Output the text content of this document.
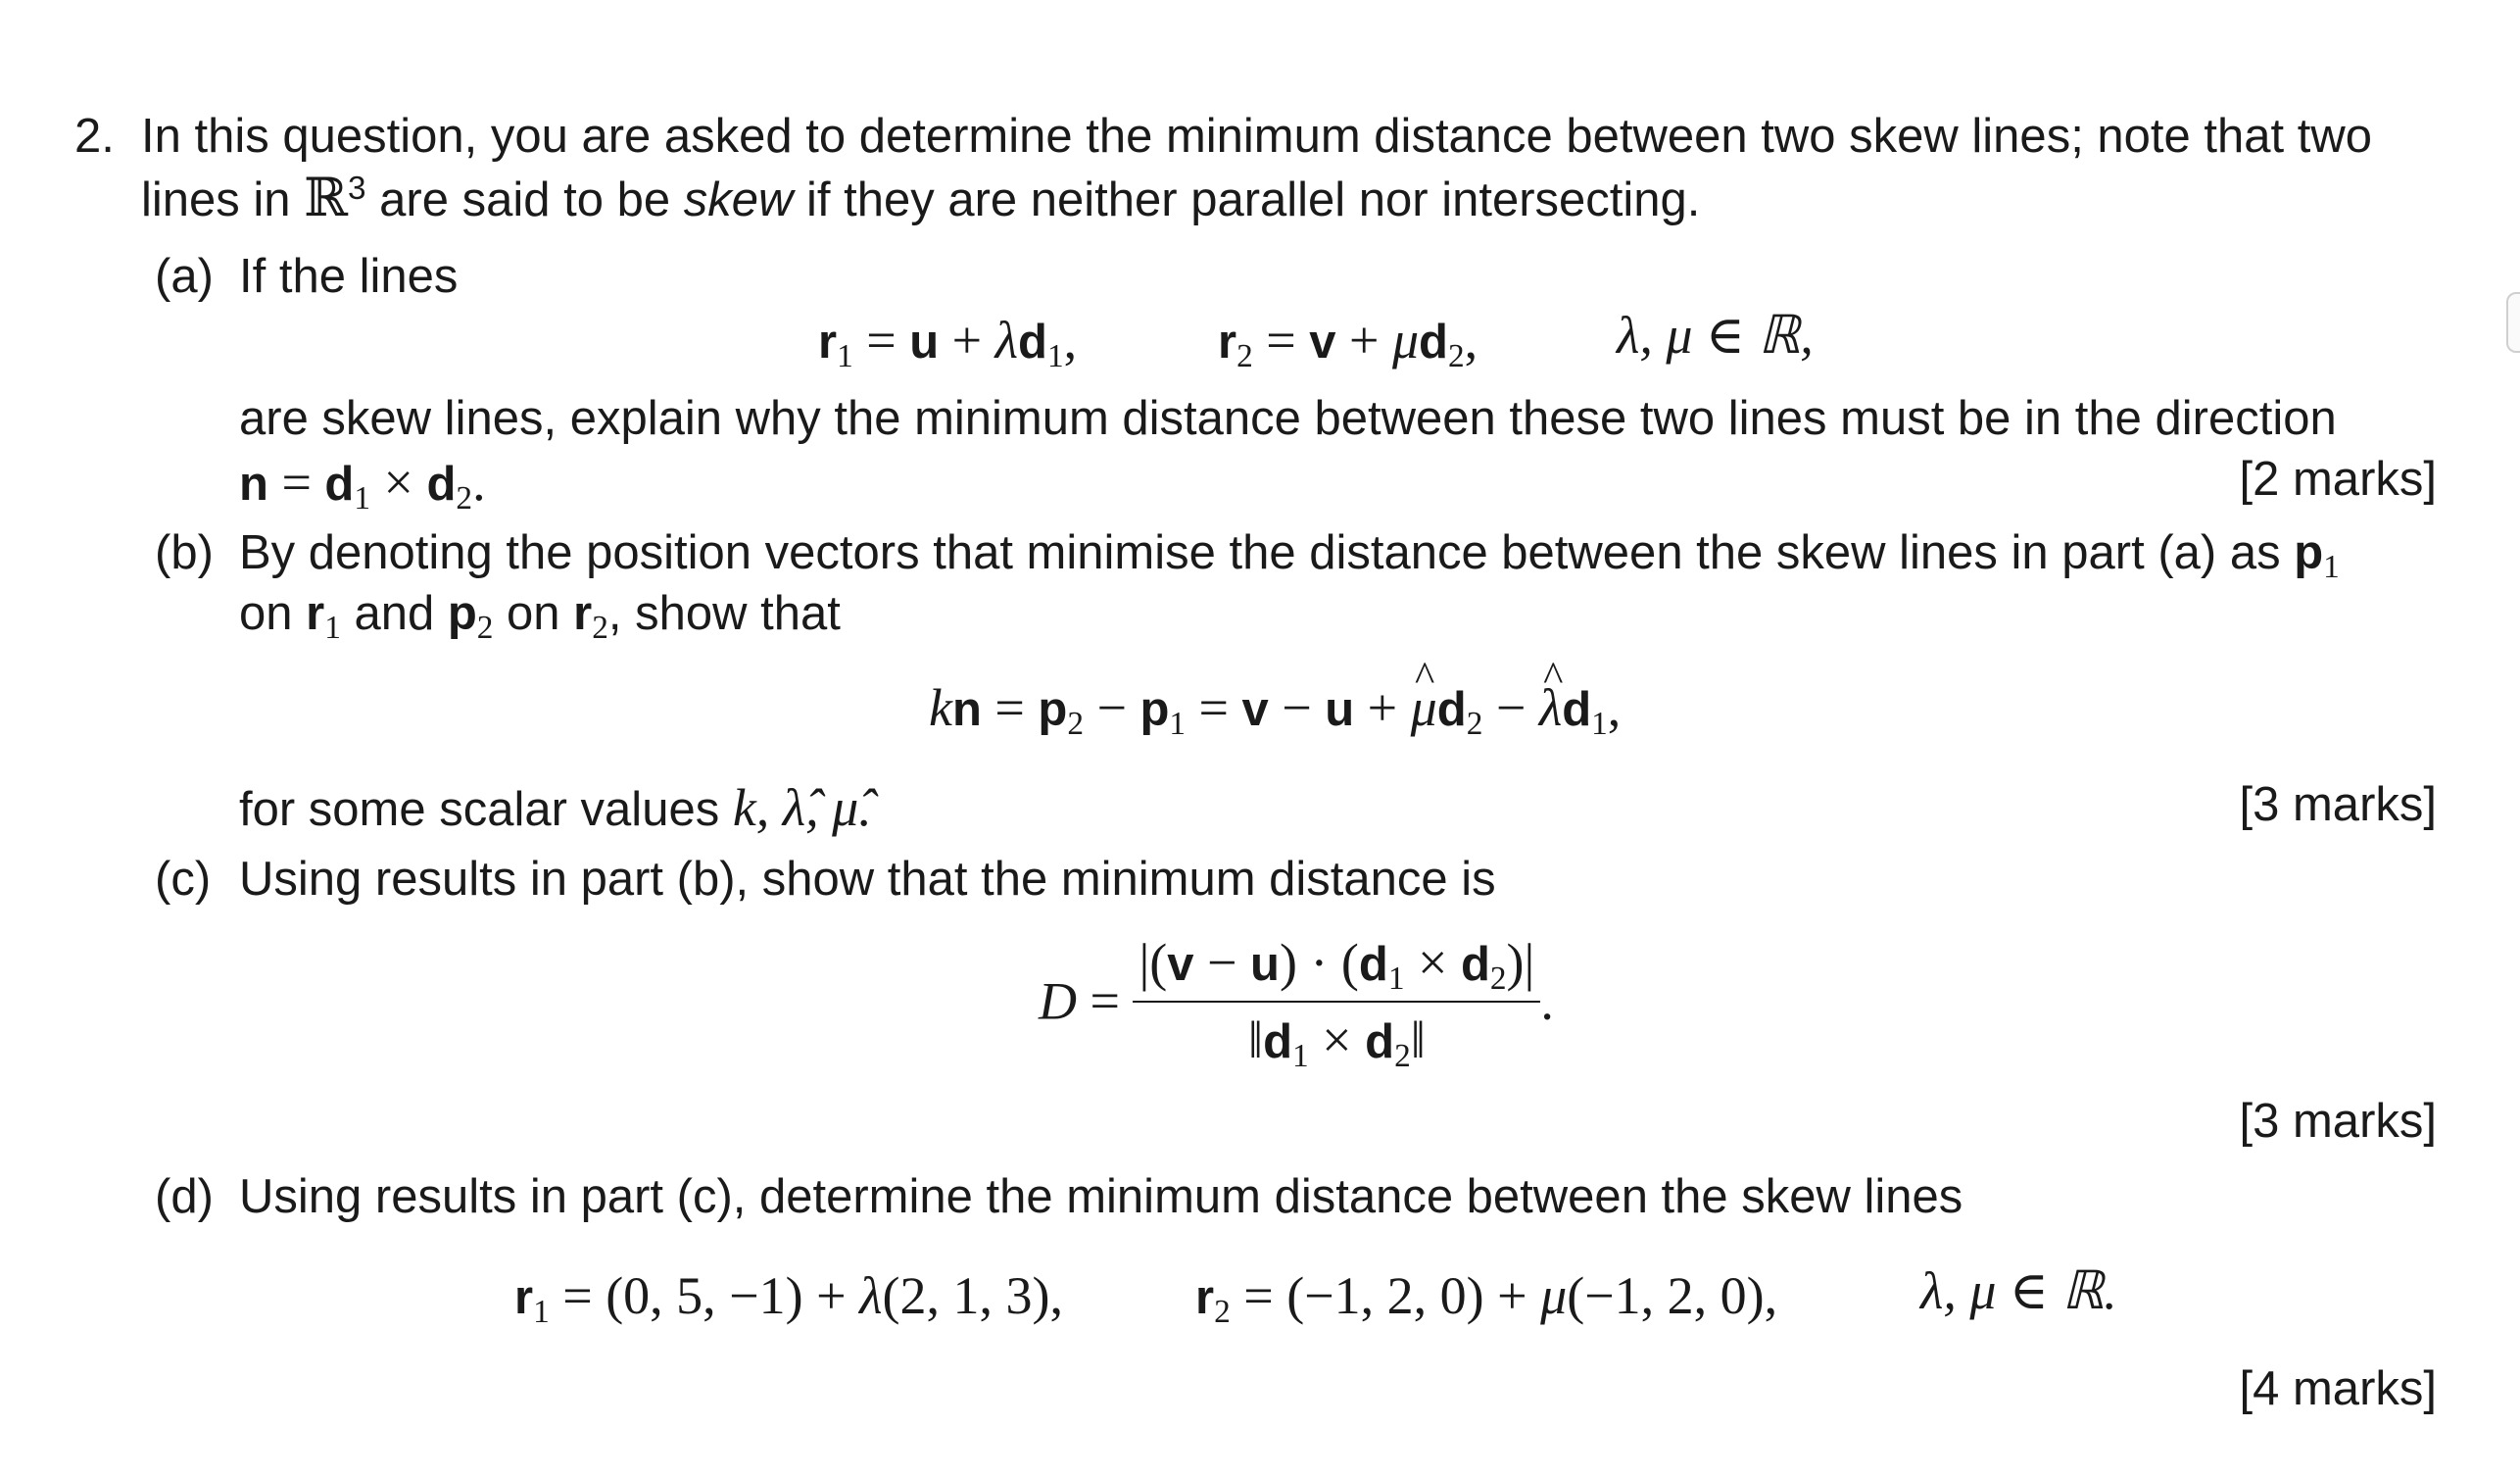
2. In this question, you are asked to determine the minimum distance between two skew lines; note that two
lines in ℝ$^3$ are said to be skew if they are neither parallel nor intersecting.
(a) If the lines
r1 = u + λd1,	r2 = v + μd2,	λ, μ ∈ ℝ,
are skew lines, explain why the minimum distance between these two lines must be in the direction
n = d1 × d2.	[2 marks]
(b) By denoting the position vectors that minimise the distance between the skew lines in part (a) as p1
on r1 and p2 on r2, show that
kn = p2 − p1 = v − u + ^ μd2 − ^ λd1,
for some scalar values k, λ̂, μ̂.	[3 marks]
(c) Using results in part (b), show that the minimum distance is
$D = \frac{|(v - u) \cdot (d1 \times d2)|}{‖d1 \times d2‖}$ .
[3 marks]
(d) Using results in part (c), determine the minimum distance between the skew lines
r1 = (0, 5, −1) + λ(2, 1, 3),	r2 = (−1, 2, 0) + μ(−1, 2, 0),	λ, μ ∈ ℝ.
[4 marks]
